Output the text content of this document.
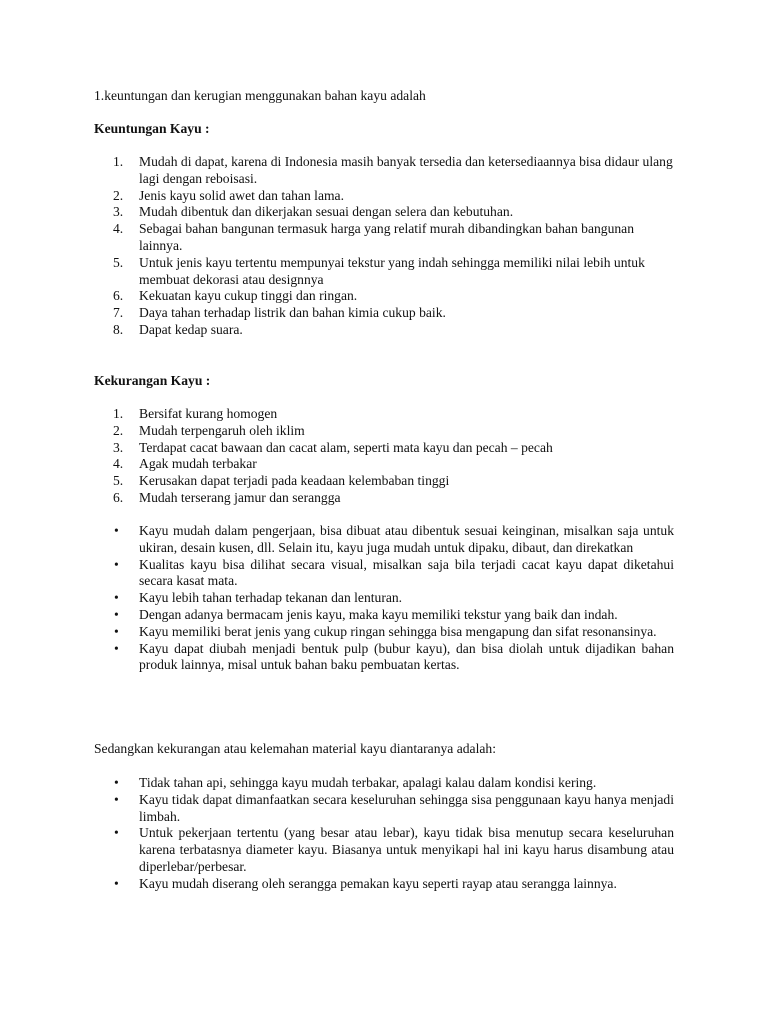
1.keuntungan dan kerugian menggunakan bahan kayu adalah

Keuntungan Kayu :

1.	Mudah di dapat, karena di Indonesia masih banyak tersedia dan ketersediaannya bisa didaur ulang lagi dengan reboisasi.
2.	Jenis kayu solid awet dan tahan lama.
3.	Mudah dibentuk dan dikerjakan sesuai dengan selera dan kebutuhan.
4.	Sebagai bahan bangunan termasuk harga yang relatif murah dibandingkan bahan bangunan lainnya.
5.	Untuk jenis kayu tertentu mempunyai tekstur yang indah sehingga memiliki nilai lebih untuk membuat dekorasi atau designnya
6.	Kekuatan kayu cukup tinggi dan ringan.
7.	Daya tahan terhadap listrik dan bahan kimia cukup baik.
8.	Dapat kedap suara.

Kekurangan Kayu :

1.	Bersifat kurang homogen
2.	Mudah terpengaruh oleh iklim
3.	Terdapat cacat bawaan dan cacat alam, seperti mata kayu dan pecah – pecah
4.	Agak mudah terbakar
5.	Kerusakan dapat terjadi pada keadaan kelembaban tinggi
6.	Mudah terserang jamur dan serangga
• Kayu mudah dalam pengerjaan, bisa dibuat atau dibentuk sesuai keinginan, misalkan saja untuk ukiran, desain kusen, dll. Selain itu, kayu juga mudah untuk dipaku, dibaut, dan direkatkan
• Kualitas kayu bisa dilihat secara visual, misalkan saja bila terjadi cacat kayu dapat diketahui secara kasat mata.
• Kayu lebih tahan terhadap tekanan dan lenturan.
• Dengan adanya bermacam jenis kayu, maka kayu memiliki tekstur yang baik dan indah.
• Kayu memiliki berat jenis yang cukup ringan sehingga bisa mengapung dan sifat resonansinya.
• Kayu dapat diubah menjadi bentuk pulp (bubur kayu), dan bisa diolah untuk dijadikan bahan produk lainnya, misal untuk bahan baku pembuatan kertas.

Sedangkan kekurangan atau kelemahan material kayu diantaranya adalah:

• Tidak tahan api, sehingga kayu mudah terbakar, apalagi kalau dalam kondisi kering.
• Kayu tidak dapat dimanfaatkan secara keseluruhan sehingga sisa penggunaan kayu hanya menjadi limbah.
• Untuk pekerjaan tertentu (yang besar atau lebar), kayu tidak bisa menutup secara keseluruhan karena terbatasnya diameter kayu. Biasanya untuk menyikapi hal ini kayu harus disambung atau diperlebar/perbesar.
• Kayu mudah diserang oleh serangga pemakan kayu seperti rayap atau serangga lainnya.
